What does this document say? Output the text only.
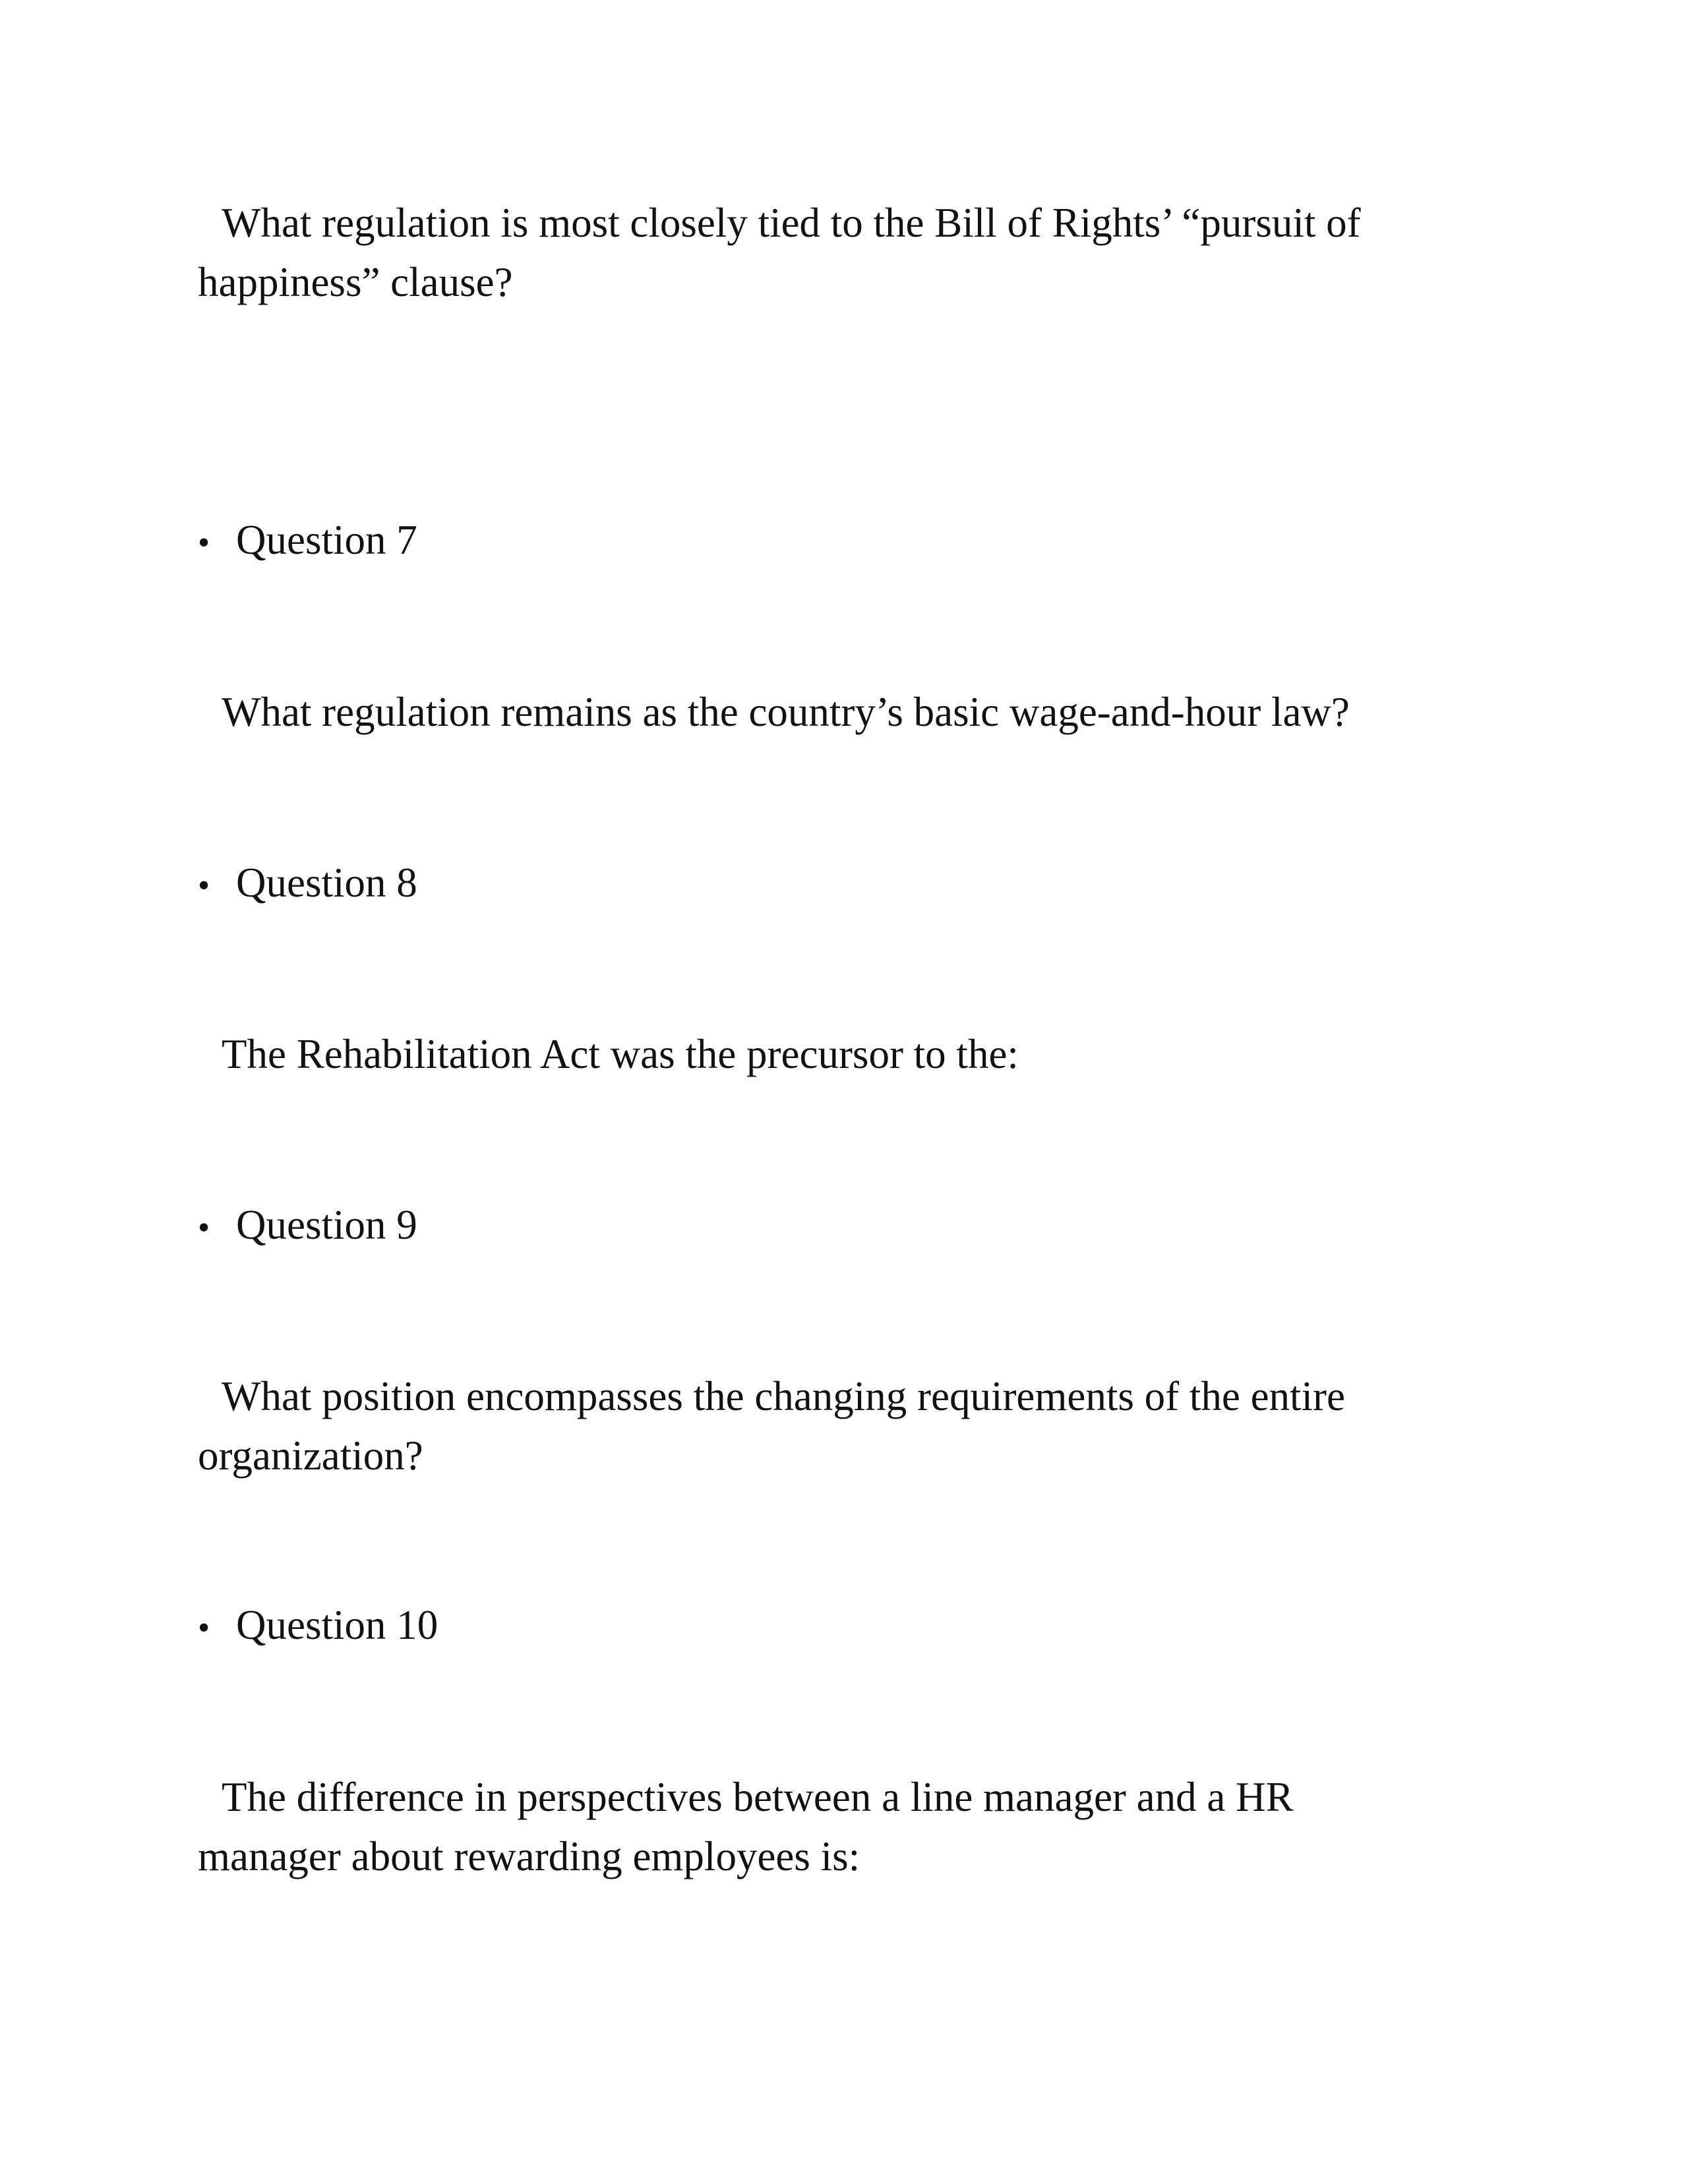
What regulation is most closely tied to the Bill of Rights’ “pursuit of happiness” clause?

• Question 7

What regulation remains as the country’s basic wage-and-hour law?

• Question 8

The Rehabilitation Act was the precursor to the:

• Question 9

What position encompasses the changing requirements of the entire organization?

• Question 10

The difference in perspectives between a line manager and a HR manager about rewarding employees is:
